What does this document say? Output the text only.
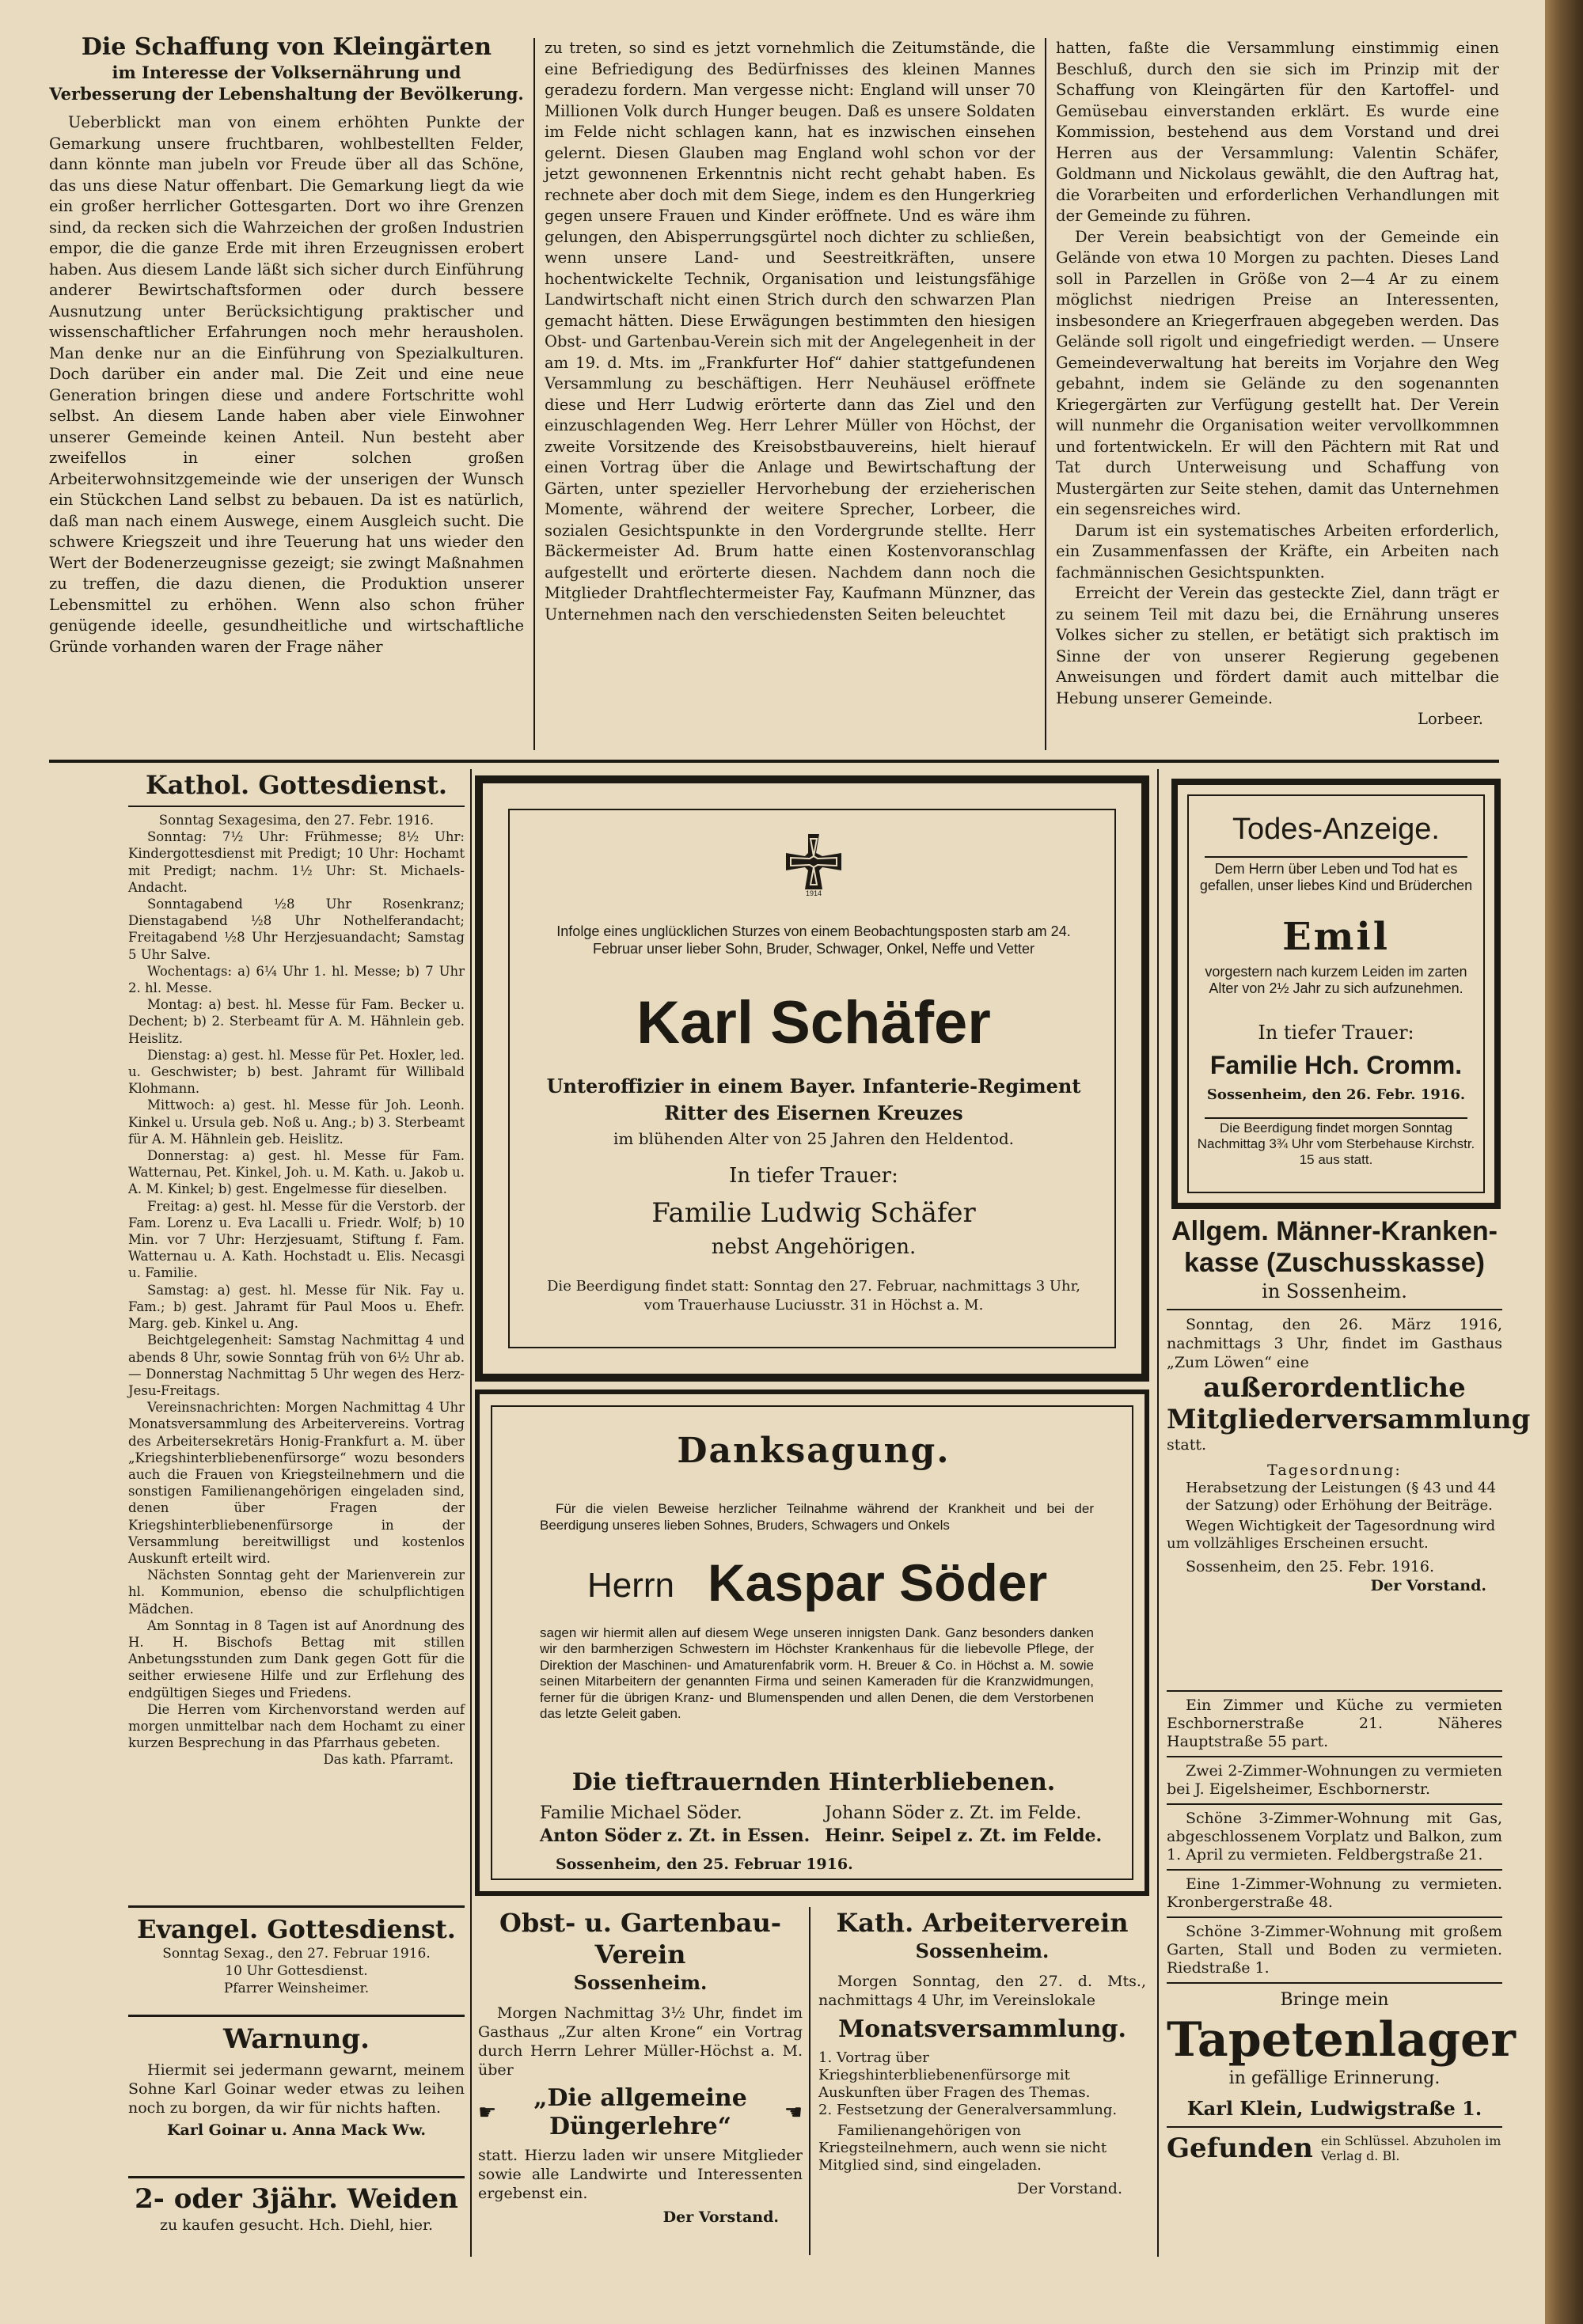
Die Schaffung von Kleingärten
im Interesse der Volksernährung und Verbesserung der Lebenshaltung der Bevölkerung.

Ueberblickt man von einem erhöhten Punkte der Gemarkung unsere fruchtbaren, wohlbestellten Felder, dann könnte man jubeln vor Freude über all das Schöne, das uns diese Natur offenbart. Die Gemarkung liegt da wie ein großer herrlicher Gottesgarten. Dort wo ihre Grenzen sind, da recken sich die Wahrzeichen der großen Industrien empor, die die ganze Erde mit ihren Erzeugnissen erobert haben. Aus diesem Lande läßt sich sicher durch Einführung anderer Bewirtschaftsformen oder durch bessere Ausnutzung unter Berücksichtigung praktischer und wissenschaftlicher Erfahrungen noch mehr herausholen. Man denke nur an die Einführung von Spezialkulturen. Doch darüber ein ander mal. Die Zeit und eine neue Generation bringen diese und andere Fortschritte wohl selbst. An diesem Lande haben aber viele Einwohner unserer Gemeinde keinen Anteil. Nun besteht aber zweifellos in einer solchen großen Arbeiterwohnsitzgemeinde wie der unserigen der Wunsch ein Stückchen Land selbst zu bebauen. Da ist es natürlich, daß man nach einem Auswege, einem Ausgleich sucht. Die schwere Kriegszeit und ihre Teuerung hat uns wieder den Wert der Bodenerzeugnisse gezeigt; sie zwingt Maßnahmen zu treffen, die dazu dienen, die Produktion unserer Lebensmittel zu erhöhen. Wenn also schon früher genügende ideelle, gesundheitliche und wirtschaftliche Gründe vorhanden waren der Frage näher

zu treten, so sind es jetzt vornehmlich die Zeitumstände, die eine Befriedigung des Bedürfnisses des kleinen Mannes geradezu fordern. Man vergesse nicht: England will unser 70 Millionen Volk durch Hunger beugen. Daß es unsere Soldaten im Felde nicht schlagen kann, hat es inzwischen einsehen gelernt. Diesen Glauben mag England wohl schon vor der jetzt gewonnenen Erkenntnis nicht recht gehabt haben. Es rechnete aber doch mit dem Siege, indem es den Hungerkrieg gegen unsere Frauen und Kinder eröffnete. Und es wäre ihm gelungen, den Abisperrungsgürtel noch dichter zu schließen, wenn unsere Land- und Seestreitkräften, unsere hochentwickelte Technik, Organisation und leistungsfähige Landwirtschaft nicht einen Strich durch den schwarzen Plan gemacht hätten. Diese Erwägungen bestimmten den hiesigen Obst- und Gartenbau-Verein sich mit der Angelegenheit in der am 19. d. Mts. im „Frankfurter Hof“ dahier stattgefundenen Versammlung zu beschäftigen. Herr Neuhäusel eröffnete diese und Herr Ludwig erörterte dann das Ziel und den einzuschlagenden Weg. Herr Lehrer Müller von Höchst, der zweite Vorsitzende des Kreisobstbauvereins, hielt hierauf einen Vortrag über die Anlage und Bewirtschaftung der Gärten, unter spezieller Hervorhebung der erzieherischen Momente, während der weitere Sprecher, Lorbeer, die sozialen Gesichtspunkte in den Vordergrunde stellte. Herr Bäckermeister Ad. Brum hatte einen Kostenvoranschlag aufgestellt und erörterte diesen. Nachdem dann noch die Mitglieder Drahtflechtermeister Fay, Kaufmann Münzner, das Unternehmen nach den verschiedensten Seiten beleuchtet

hatten, faßte die Versammlung einstimmig einen Beschluß, durch den sie sich im Prinzip mit der Schaffung von Kleingärten für den Kartoffel- und Gemüsebau einverstanden erklärt. Es wurde eine Kommission, bestehend aus dem Vorstand und drei Herren aus der Versammlung: Valentin Schäfer, Goldmann und Nickolaus gewählt, die den Auftrag hat, die Vorarbeiten und erforderlichen Verhandlungen mit der Gemeinde zu führen.

Der Verein beabsichtigt von der Gemeinde ein Gelände von etwa 10 Morgen zu pachten. Dieses Land soll in Parzellen in Größe von 2—4 Ar zu einem möglichst niedrigen Preise an Interessenten, insbesondere an Kriegerfrauen abgegeben werden. Das Gelände soll rigolt und eingefriedigt werden. — Unsere Gemeindeverwaltung hat bereits im Vorjahre den Weg gebahnt, indem sie Gelände zu den sogenannten Kriegergärten zur Verfügung gestellt hat. Der Verein will nunmehr die Organisation weiter vervollkommnen und fortentwickeln. Er will den Pächtern mit Rat und Tat durch Unterweisung und Schaffung von Mustergärten zur Seite stehen, damit das Unternehmen ein segensreiches wird.

Darum ist ein systematisches Arbeiten erforderlich, ein Zusammenfassen der Kräfte, ein Arbeiten nach fachmännischen Gesichtspunkten.

Erreicht der Verein das gesteckte Ziel, dann trägt er zu seinem Teil mit dazu bei, die Ernährung unseres Volkes sicher zu stellen, er betätigt sich praktisch im Sinne der von unserer Regierung gegebenen Anweisungen und fördert damit auch mittelbar die Hebung unserer Gemeinde.

Lorbeer.
Kathol. Gottesdienst.

Sonntag Sexagesima, den 27. Febr. 1916.

Sonntag: 7½ Uhr: Frühmesse; 8½ Uhr: Kindergottesdienst mit Predigt; 10 Uhr: Hochamt mit Predigt; nachm. 1½ Uhr: St. Michaels-Andacht.

Sonntagabend ½8 Uhr Rosenkranz; Dienstagabend ½8 Uhr Nothelferandacht; Freitagabend ½8 Uhr Herzjesuandacht; Samstag 5 Uhr Salve.

Wochentags: a) 6¼ Uhr 1. hl. Messe; b) 7 Uhr 2. hl. Messe.

Montag: a) best. hl. Messe für Fam. Becker u. Dechent; b) 2. Sterbeamt für A. M. Hähnlein geb. Heislitz.

Dienstag: a) gest. hl. Messe für Pet. Hoxler, led. u. Geschwister; b) best. Jahramt für Willibald Klohmann.

Mittwoch: a) gest. hl. Messe für Joh. Leonh. Kinkel u. Ursula geb. Noß u. Ang.; b) 3. Sterbeamt für A. M. Hähnlein geb. Heislitz.

Donnerstag: a) gest. hl. Messe für Fam. Watternau, Pet. Kinkel, Joh. u. M. Kath. u. Jakob u. A. M. Kinkel; b) gest. Engelmesse für dieselben.

Freitag: a) gest. hl. Messe für die Verstorb. der Fam. Lorenz u. Eva Lacalli u. Friedr. Wolf; b) 10 Min. vor 7 Uhr: Herzjesuamt, Stiftung f. Fam. Watternau u. A. Kath. Hochstadt u. Elis. Necasgi u. Familie.

Samstag: a) gest. hl. Messe für Nik. Fay u. Fam.; b) gest. Jahramt für Paul Moos u. Ehefr. Marg. geb. Kinkel u. Ang.

Beichtgelegenheit: Samstag Nachmittag 4 und abends 8 Uhr, sowie Sonntag früh von 6½ Uhr ab. — Donnerstag Nachmittag 5 Uhr wegen des Herz-Jesu-Freitags.

Vereinsnachrichten: Morgen Nachmittag 4 Uhr Monatsversammlung des Arbeitervereins. Vortrag des Arbeitersekretärs Honig-Frankfurt a. M. über „Kriegshinterbliebenenfürsorge“ wozu besonders auch die Frauen von Kriegsteilnehmern und die sonstigen Familienangehörigen eingeladen sind, denen über Fragen der Kriegshinterbliebenenfürsorge in der Versammlung bereitwilligst und kostenlos Auskunft erteilt wird.

Nächsten Sonntag geht der Marienverein zur hl. Kommunion, ebenso die schulpflichtigen Mädchen.

Am Sonntag in 8 Tagen ist auf Anordnung des H. H. Bischofs Bettag mit stillen Anbetungsstunden zum Dank gegen Gott für die seither erwiesene Hilfe und zur Erflehung des endgültigen Sieges und Friedens.

Die Herren vom Kirchenvorstand werden auf morgen unmittelbar nach dem Hochamt zu einer kurzen Besprechung in das Pfarrhaus gebeten.

Das kath. Pfarramt.
Evangel. Gottesdienst.
Sonntag Sexag., den 27. Februar 1916.
10 Uhr Gottesdienst.
Pfarrer Weinsheimer.
Warnung.
Hiermit sei jedermann gewarnt, meinem Sohne Karl Goinar weder etwas zu leihen noch zu borgen, da wir für nichts haften.
Karl Goinar u. Anna Mack Ww.
2- oder 3jähr. Weiden
zu kaufen gesucht. Hch. Diehl, hier.
1914
Infolge eines unglücklichen Sturzes von einem Beobachtungsposten starb am 24. Februar unser lieber Sohn, Bruder, Schwager, Onkel, Neffe und Vetter
Karl Schäfer
Unteroffizier in einem Bayer. Infanterie-Regiment
Ritter des Eisernen Kreuzes
im blühenden Alter von 25 Jahren den Heldentod.
In tiefer Trauer:
Familie Ludwig Schäfer
nebst Angehörigen.
Die Beerdigung findet statt: Sonntag den 27. Februar, nachmittags 3 Uhr, vom Trauerhause Luciusstr. 31 in Höchst a. M.
Danksagung.
Für die vielen Beweise herzlicher Teilnahme während der Krankheit und bei der Beerdigung unseres lieben Sohnes, Bruders, Schwagers und Onkels
Herrn Kaspar Söder
sagen wir hiermit allen auf diesem Wege unseren innigsten Dank. Ganz besonders danken wir den barmherzigen Schwestern im Höchster Krankenhaus für die liebevolle Pflege, der Direktion der Maschinen- und Amaturenfabrik vorm. H. Breuer & Co. in Höchst a. M. sowie seinen Mitarbeitern der genannten Firma und seinen Kameraden für die Kranzwidmungen, ferner für die übrigen Kranz- und Blumenspenden und allen Denen, die dem Verstorbenen das letzte Geleit gaben.
Die tieftrauernden Hinterbliebenen.
Familie Michael Söder.	Johann Söder z. Zt. im Felde.
Anton Söder z. Zt. in Essen. Heinr. Seipel z. Zt. im Felde.
Sossenheim, den 25. Februar 1916.
Obst- u. Gartenbau-Verein
Sossenheim.
Morgen Nachmittag 3½ Uhr, findet im Gasthaus „Zur alten Krone“ ein Vortrag durch Herrn Lehrer Müller-Höchst a. M. über
☛
„Die allgemeine Düngerlehre“	☚
statt. Hierzu laden wir unsere Mitglieder sowie alle Landwirte und Interessenten ergebenst ein.
Der Vorstand.
Kath. Arbeiterverein
Sossenheim.
Morgen Sonntag, den 27. d. Mts., nachmittags 4 Uhr, im Vereinslokale
Monatsversammlung.
1. Vortrag über Kriegshinterbliebenenfürsorge mit Auskunften über Fragen des Themas.
2. Festsetzung der Generalversammlung.
Familienangehörigen von Kriegsteilnehmern, auch wenn sie nicht Mitglied sind, sind eingeladen.
Der Vorstand.
Todes-Anzeige.
Dem Herrn über Leben und Tod hat es gefallen, unser liebes Kind und Brüderchen
Emil
vorgestern nach kurzem Leiden im zarten Alter von 2½ Jahr zu sich aufzunehmen.
In tiefer Trauer:
Familie Hch. Cromm.
Sossenheim, den 26. Febr. 1916.
Die Beerdigung findet morgen Sonntag Nachmittag 3¾ Uhr vom Sterbehause Kirchstr. 15 aus statt.
Allgem. Männer-Kranken-
kasse (Zuschusskasse)
in Sossenheim.
Sonntag, den 26. März 1916, nachmittags 3 Uhr, findet im Gasthaus „Zum Löwen“ eine
außerordentliche
Mitgliederversammlung
statt.
Tagesordnung:
Herabsetzung der Leistungen (§ 43 und 44 der Satzung) oder Erhöhung der Beiträge.
Wegen Wichtigkeit der Tagesordnung wird um vollzähliges Erscheinen ersucht.
Sossenheim, den 25. Febr. 1916.
Der Vorstand.
Ein Zimmer und Küche zu vermieten Eschbornerstraße 21. Näheres Hauptstraße 55 part.
Zwei 2-Zimmer-Wohnungen zu vermieten bei J. Eigelsheimer, Eschbornerstr.
Schöne 3-Zimmer-Wohnung mit Gas, abgeschlossenem Vorplatz und Balkon, zum 1. April zu vermieten. Feldbergstraße 21.
Eine 1-Zimmer-Wohnung zu vermieten. Kronbergerstraße 48.
Schöne 3-Zimmer-Wohnung mit großem Garten, Stall und Boden zu vermieten. Riedstraße 1.
Bringe mein
Tapetenlager
in gefällige Erinnerung.
Karl Klein, Ludwigstraße 1.
Gefunden ein Schlüssel. Abzuholen im Verlag d. Bl.
